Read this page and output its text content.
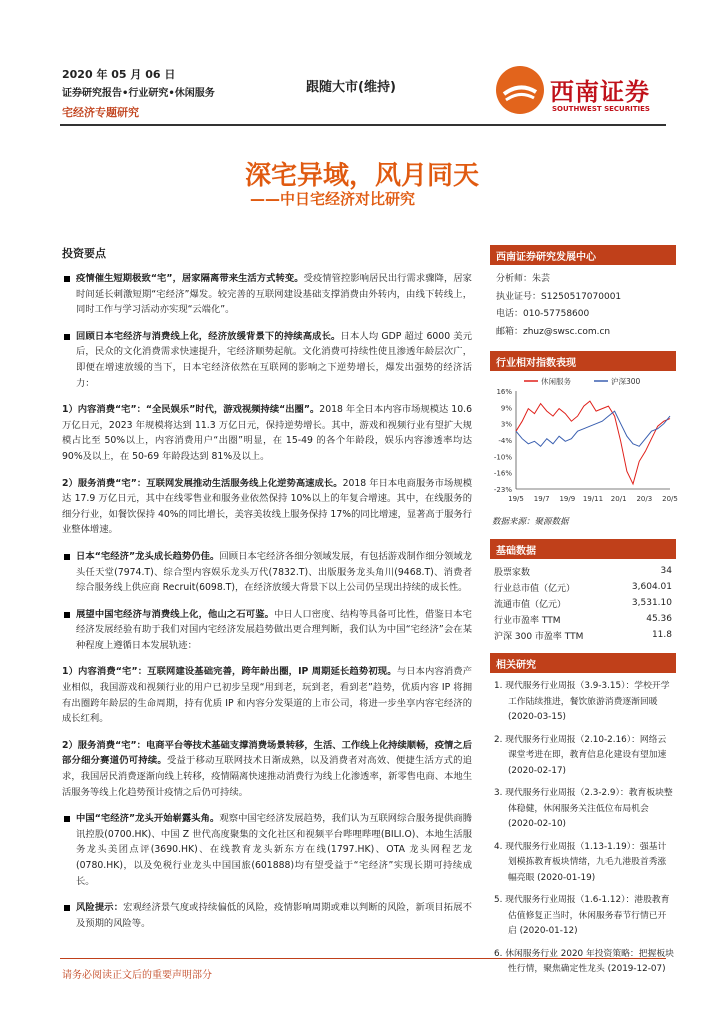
2020 年 05 月 06 日
证券研究报告•行业研究•休闲服务
宅经济专题研究
跟随大市(维持)	西南证券
SOUTHWEST SECURITIES
深宅异域，风月同天
——中日宅经济对比研究
投资要点
疫情催生短期极致“宅”，居家隔离带来生活方式转变。受疫情管控影响居民出行需求骤降，居家时间延长刺激短期“宅经济”爆发。较完善的互联网建设基础支撑消费由外转内，由线下转线上，同时工作与学习活动亦实现“云端化”。
回顾日本宅经济与消费线上化，经济放缓背景下的持续高成长。日本人均 GDP 超过 6000 美元后，民众的文化消费需求快速提升，宅经济顺势起航。文化消费可持续性使且渗透年龄层次广，即便在增速放缓的当下，日本宅经济依然在互联网的影响之下逆势增长，爆发出强势的经济活力：
1）内容消费“宅”：“全民娱乐”时代，游戏视频持续“出圈”。2018 年全日本内容市场规模达 10.6 万亿日元，2023 年规模将达到 11.3 万亿日元，保持逆势增长。其中，游戏和视频行业有望扩大规模占比至 50%以上，内容消费用户“出圈”明显，在 15-49 的各个年龄段，娱乐内容渗透率均达 90%及以上，在 50-69 年龄段达到 81%及以上。
2）服务消费“宅”：互联网发展推动生活服务线上化逆势高速成长。2018 年日本电商服务市场规模达 17.9 万亿日元，其中在线零售业和服务业依然保持 10%以上的年复合增速。其中，在线服务的细分行业，如餐饮保持 40%的同比增长，美容美妆线上服务保持 17%的同比增速，显著高于服务行业整体增速。
日本“宅经济”龙头成长趋势仍佳。回顾日本宅经济各细分领域发展，有包括游戏制作细分领域龙头任天堂(7974.T)、综合型内容娱乐龙头万代(7832.T)、出版服务龙头角川(9468.T)、消费者综合服务线上供应商 Recruit(6098.T)，在经济放缓大背景下以上公司仍呈现出持续的成长性。
展望中国宅经济与消费线上化，他山之石可鉴。中日人口密度、结构等具备可比性，借鉴日本宅经济发展经验有助于我们对国内宅经济发展趋势做出更合理判断，我们认为中国“宅经济”会在某种程度上遵循日本发展轨迹：
1）内容消费“宅”：互联网建设基础完善，跨年龄出圈，IP 周期延长趋势初现。与日本内容消费产业相似，我国游戏和视频行业的用户已初步呈现“用到老，玩到老，看到老”趋势，优质内容 IP 将拥有出圈跨年龄层的生命周期，持有优质 IP 和内容分发渠道的上市公司，将进一步坐享内容宅经济的成长红利。
2）服务消费“宅”：电商平台等技术基础支撑消费场景转移，生活、工作线上化持续顺畅，疫情之后部分细分赛道仍可持续。受益于移动互联网技术日渐成熟，以及消费者对高效、便捷生活方式的追求，我国居民消费逐渐向线上转移，疫情隔离快速推动消费行为线上化渗透率，新零售电商、本地生活服务等线上化趋势预计疫情之后仍可持续。
中国“宅经济”龙头开始崭露头角。观察中国宅经济发展趋势，我们认为互联网综合服务提供商腾讯控股(0700.HK)、中国 Z 世代高度聚集的文化社区和视频平台哔哩哔哩(BILI.O)、本地生活服务龙头美团点评(3690.HK)、在线教育龙头新东方在线(1797.HK)、OTA 龙头网程艺龙(0780.HK)，以及免税行业龙头中国国旅(601888)均有望受益于“宅经济”实现长期可持续成长。
风险提示：宏观经济景气度或持续偏低的风险，疫情影响周期或难以判断的风险，新项目拓展不及预期的风险等。
西南证券研究发展中心
分析师：朱芸
执业证号：S1250517070001
电话：010-57758600
邮箱：zhuz@swsc.com.cn
行业相对指数表现
16%
9%
3%
-4%
-10%
-16%
-23%
19/5 19/7 19/9 19/11 20/1 20/3 20/5
休闲服务	沪深300
数据来源：聚源数据
基础数据
股票家数	34
行业总市值（亿元）	3,604.01
流通市值（亿元）	3,531.10
行业市盈率 TTM	45.36
沪深 300 市盈率 TTM	11.8
相关研究
1. 现代服务行业周报（3.9-3.15）：学校开学工作陆续推进，餐饮旅游消费逐渐回暖 (2020-03-15)
2. 现代服务行业周报（2.10-2.16）：网络云课堂考进在即，教育信息化建设有望加速 (2020-02-17)
3. 现代服务行业周报（2.3-2.9）：教育板块整体稳健，休闲服务关注低位布局机会 (2020-02-10)
4. 现代服务行业周报（1.13-1.19）：强基计划模拣教育板块情绪，九毛九港股首秀涨幅亮眼 (2020-01-19)
5. 现代服务行业周报（1.6-1.12）：港股教育估值修复正当时，休闲服务春节行情已开启 (2020-01-12)
6. 休闲服务行业 2020 年投资策略：把握板块性行情，聚焦确定性龙头 (2019-12-07)
请务必阅读正文后的重要声明部分
